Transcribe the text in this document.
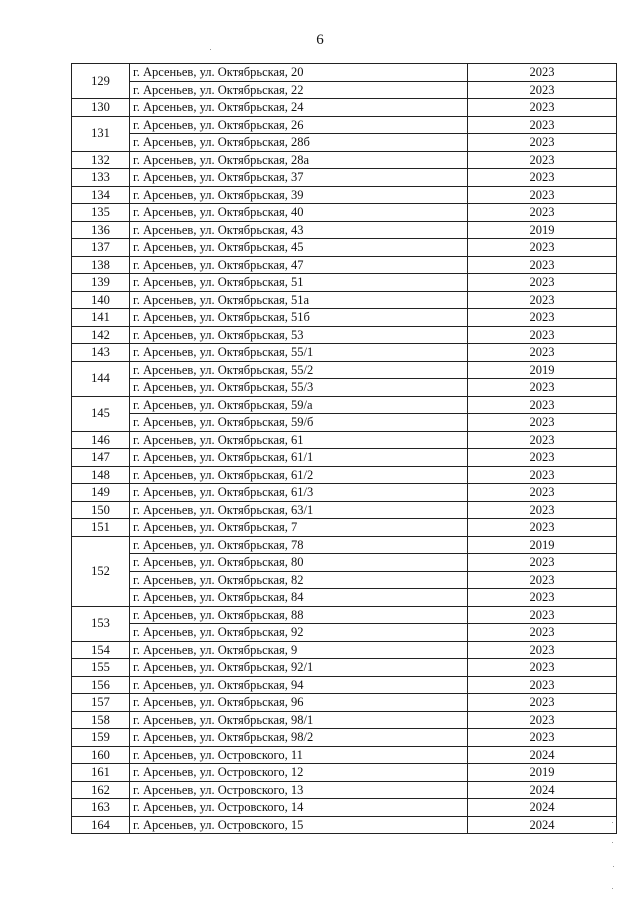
6
129	г. Арсеньев, ул. Октябрьская, 20	2023
	г. Арсеньев, ул. Октябрьская, 22	2023
130	г. Арсеньев, ул. Октябрьская, 24	2023
131	г. Арсеньев, ул. Октябрьская, 26	2023
	г. Арсеньев, ул. Октябрьская, 28б	2023
132	г. Арсеньев, ул. Октябрьская, 28а	2023
133	г. Арсеньев, ул. Октябрьская, 37	2023
134	г. Арсеньев, ул. Октябрьская, 39	2023
135	г. Арсеньев, ул. Октябрьская, 40	2023
136	г. Арсеньев, ул. Октябрьская, 43	2019
137	г. Арсеньев, ул. Октябрьская, 45	2023
138	г. Арсеньев, ул. Октябрьская, 47	2023
139	г. Арсеньев, ул. Октябрьская, 51	2023
140	г. Арсеньев, ул. Октябрьская, 51а	2023
141	г. Арсеньев, ул. Октябрьская, 51б	2023
142	г. Арсеньев, ул. Октябрьская, 53	2023
143	г. Арсеньев, ул. Октябрьская, 55/1	2023
144	г. Арсеньев, ул. Октябрьская, 55/2	2019
	г. Арсеньев, ул. Октябрьская, 55/3	2023
145	г. Арсеньев, ул. Октябрьская, 59/а	2023
	г. Арсеньев, ул. Октябрьская, 59/б	2023
146	г. Арсеньев, ул. Октябрьская, 61	2023
147	г. Арсеньев, ул. Октябрьская, 61/1	2023
148	г. Арсеньев, ул. Октябрьская, 61/2	2023
149	г. Арсеньев, ул. Октябрьская, 61/3	2023
150	г. Арсеньев, ул. Октябрьская, 63/1	2023
151	г. Арсеньев, ул. Октябрьская, 7	2023
152	г. Арсеньев, ул. Октябрьская, 78	2019
	г. Арсеньев, ул. Октябрьская, 80	2023
	г. Арсеньев, ул. Октябрьская, 82	2023
	г. Арсеньев, ул. Октябрьская, 84	2023
153	г. Арсеньев, ул. Октябрьская, 88	2023
	г. Арсеньев, ул. Октябрьская, 92	2023
154	г. Арсеньев, ул. Октябрьская, 9	2023
155	г. Арсеньев, ул. Октябрьская, 92/1	2023
156	г. Арсеньев, ул. Октябрьская, 94	2023
157	г. Арсеньев, ул. Октябрьская, 96	2023
158	г. Арсеньев, ул. Октябрьская, 98/1	2023
159	г. Арсеньев, ул. Октябрьская, 98/2	2023
160	г. Арсеньев, ул. Островского, 11	2024
161	г. Арсеньев, ул. Островского, 12	2019
162	г. Арсеньев, ул. Островского, 13	2024
163	г. Арсеньев, ул. Островского, 14	2024
164	г. Арсеньев, ул. Островского, 15	2024
